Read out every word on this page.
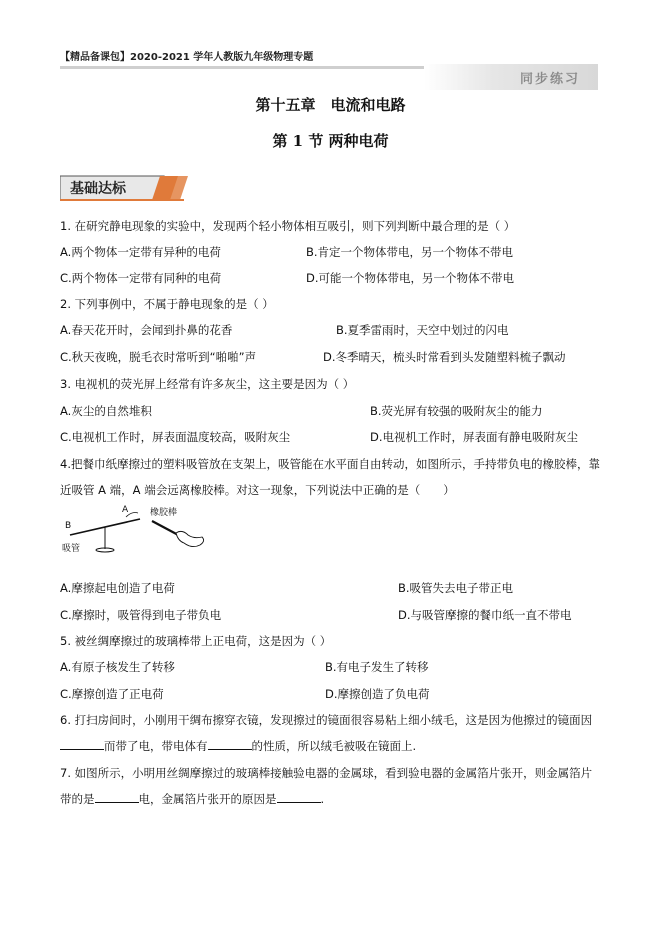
【精品备课包】2020-2021 学年人教版九年级物理专题
同步练习
第十五章　电流和电路
第 1 节 两种电荷
基础达标
1. 在研究静电现象的实验中，发现两个轻小物体相互吸引，则下列判断中最合理的是（ ）
A.两个物体一定带有异种的电荷	B.肯定一个物体带电，另一个物体不带电
C.两个物体一定带有同种的电荷	D.可能一个物体带电，另一个物体不带电
2. 下列事例中，不属于静电现象的是（ ）
A.春天花开时，会闻到扑鼻的花香	B.夏季雷雨时，天空中划过的闪电
C.秋天夜晚，脱毛衣时常听到“啪啪”声	D.冬季晴天，梳头时常看到头发随塑料梳子飘动
3. 电视机的荧光屏上经常有许多灰尘，这主要是因为（ ）
A.灰尘的自然堆积	B.荧光屏有较强的吸附灰尘的能力
C.电视机工作时，屏表面温度较高，吸附灰尘	D.电视机工作时，屏表面有静电吸附灰尘
4.把餐巾纸摩擦过的塑料吸管放在支架上，吸管能在水平面自由转动，如图所示，手持带负电的橡胶棒，靠
近吸管 A 端，A 端会远离橡胶棒。对这一现象，下列说法中正确的是（　　）
A
B
吸管
橡胶棒
A.摩擦起电创造了电荷	B.吸管失去电子带正电
C.摩擦时，吸管得到电子带负电	D.与吸管摩擦的餐巾纸一直不带电
5. 被丝绸摩擦过的玻璃棒带上正电荷，这是因为（ ）
A.有原子核发生了转移	B.有电子发生了转移
C.摩擦创造了正电荷	D.摩擦创造了负电荷
6. 打扫房间时，小刚用干绸布擦穿衣镜，发现擦过的镜面很容易粘上细小绒毛，这是因为他擦过的镜面因
而带了电，带电体有	的性质，所以绒毛被吸在镜面上.
7. 如图所示，小明用丝绸摩擦过的玻璃棒接触验电器的金属球，看到验电器的金属箔片张开，则金属箔片
带的是	电，金属箔片张开的原因是	.
